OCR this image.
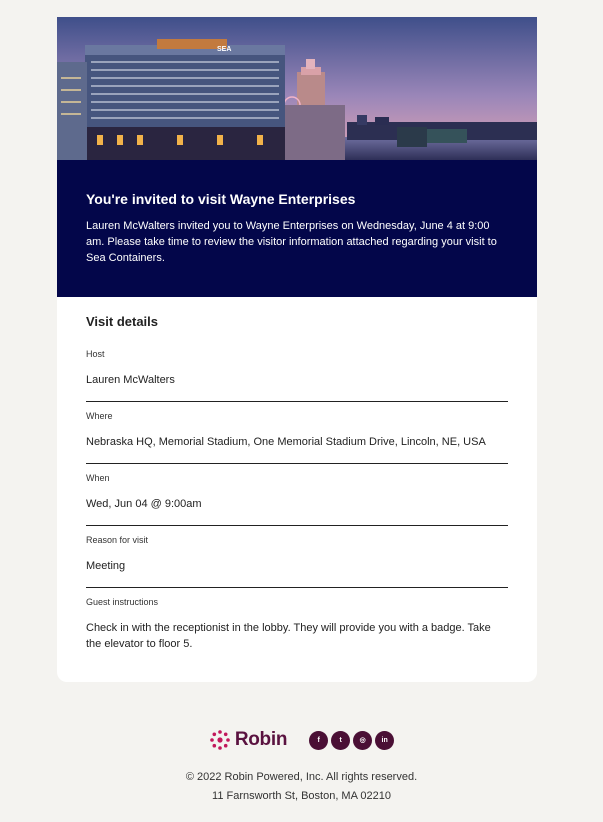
SEA
You're invited to visit Wayne Enterprises
Lauren McWalters invited you to Wayne Enterprises on Wednesday, June 4 at 9:00 am. Please take time to review the visitor information attached regarding your visit to Sea Containers.
Visit details
Host
Lauren McWalters
Where
Nebraska HQ, Memorial Stadium, One Memorial Stadium Drive, Lincoln, NE, USA
When
Wed, Jun 04 @ 9:00am
Reason for visit
Meeting
Guest instructions
Check in with the receptionist in the lobby. They will provide you with a badge. Take the elevator to floor 5.
Robin	f	t	◎	in
© 2022 Robin Powered, Inc. All rights reserved.
11 Farnsworth St, Boston, MA 02210
